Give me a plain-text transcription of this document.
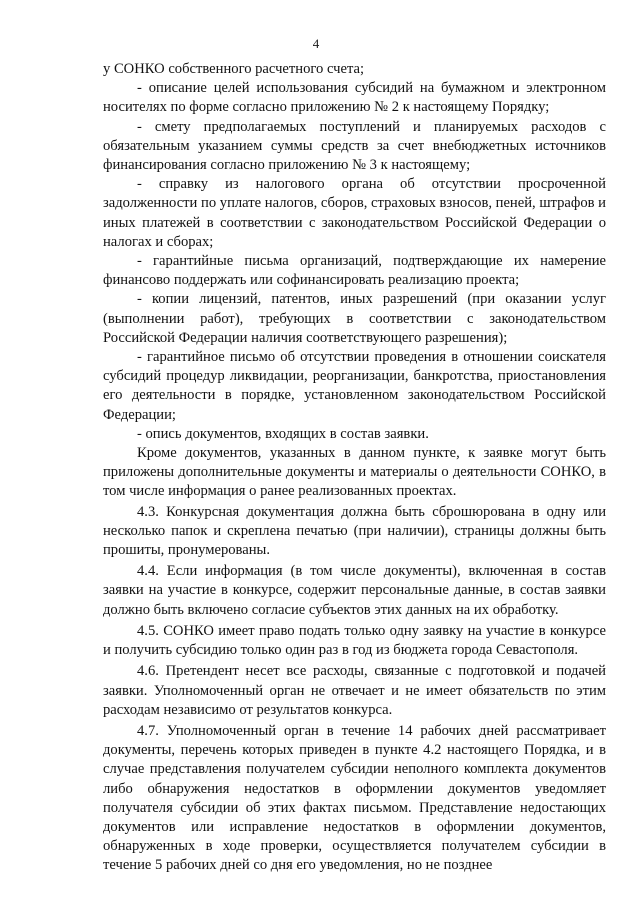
4

у СОНКО собственного расчетного счета;

- описание целей использования субсидий на бумажном и электронном носителях по форме согласно приложению № 2 к настоящему Порядку;

- смету предполагаемых поступлений и планируемых расходов с обязательным указанием суммы средств за счет внебюджетных источников финансирования согласно приложению № 3 к настоящему;

- справку из налогового органа об отсутствии просроченной задолженности по уплате налогов, сборов, страховых взносов, пеней, штрафов и иных платежей в соответствии с законодательством Российской Федерации о налогах и сборах;

- гарантийные письма организаций, подтверждающие их намерение финансово поддержать или софинансировать реализацию проекта;

- копии лицензий, патентов, иных разрешений (при оказании услуг (выполнении работ), требующих в соответствии с законодательством Российской Федерации наличия соответствующего разрешения);

- гарантийное письмо об отсутствии проведения в отношении соискателя субсидий процедур ликвидации, реорганизации, банкротства, приостановления его деятельности в порядке, установленном законодательством Российской Федерации;

- опись документов, входящих в состав заявки.

Кроме документов, указанных в данном пункте, к заявке могут быть приложены дополнительные документы и материалы о деятельности СОНКО, в том числе информация о ранее реализованных проектах.

4.3. Конкурсная документация должна быть сброшюрована в одну или несколько папок и скреплена печатью (при наличии), страницы должны быть прошиты, пронумерованы.

4.4. Если информация (в том числе документы), включенная в состав заявки на участие в конкурсе, содержит персональные данные, в состав заявки должно быть включено согласие субъектов этих данных на их обработку.

4.5. СОНКО имеет право подать только одну заявку на участие в конкурсе и получить субсидию только один раз в год из бюджета города Севастополя.

4.6. Претендент несет все расходы, связанные с подготовкой и подачей заявки. Уполномоченный орган не отвечает и не имеет обязательств по этим расходам независимо от результатов конкурса.

4.7. Уполномоченный орган в течение 14 рабочих дней рассматривает документы, перечень которых приведен в пункте 4.2 настоящего Порядка, и в случае представления получателем субсидии неполного комплекта документов либо обнаружения недостатков в оформлении документов уведомляет получателя субсидии об этих фактах письмом. Представление недостающих документов или исправление недостатков в оформлении документов, обнаруженных в ходе проверки, осуществляется получателем субсидии в течение 5 рабочих дней со дня его уведомления, но не позднее
